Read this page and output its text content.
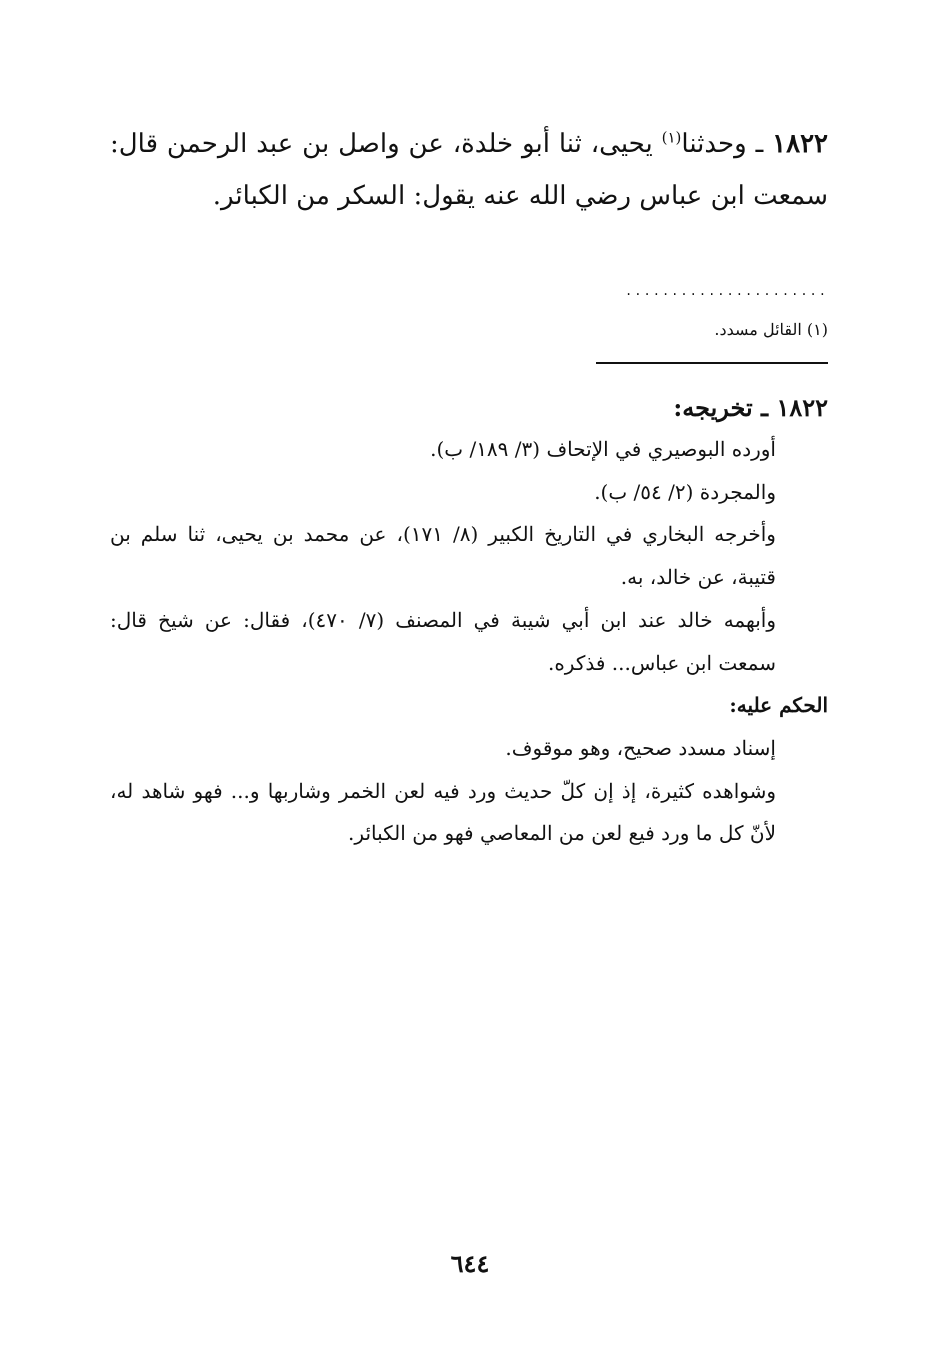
١٨٢٢ ـ وحدثنا$^{(١)}$ يحيى، ثنا أبو خلدة، عن واصل بن عبد الرحمن قال: سمعت ابن عباس رضي الله عنه يقول: السكر من الكبائر.
......................
(١) القائل مسدد.
١٨٢٢ ـ تخريجه:

أورده البوصيري في الإتحاف (٣/ ١٨٩/ ب).

والمجردة (٢/ ٥٤/ ب).

وأخرجه البخاري في التاريخ الكبير (٨/ ١٧١)، عن محمد بن يحيى، ثنا سلم بن قتيبة، عن خالد، به.

وأبهمه خالد عند ابن أبي شيبة في المصنف (٧/ ٤٧٠)، فقال: عن شيخ قال: سمعت ابن عباس... فذكره.

الحكم عليه:

إسناد مسدد صحيح، وهو موقوف.

وشواهده كثيرة، إذ إن كلّ حديث ورد فيه لعن الخمر وشاربها و... فهو شاهد له، لأنّ كل ما ورد فيع لعن من المعاصي فهو من الكبائر.

٦٤٤
